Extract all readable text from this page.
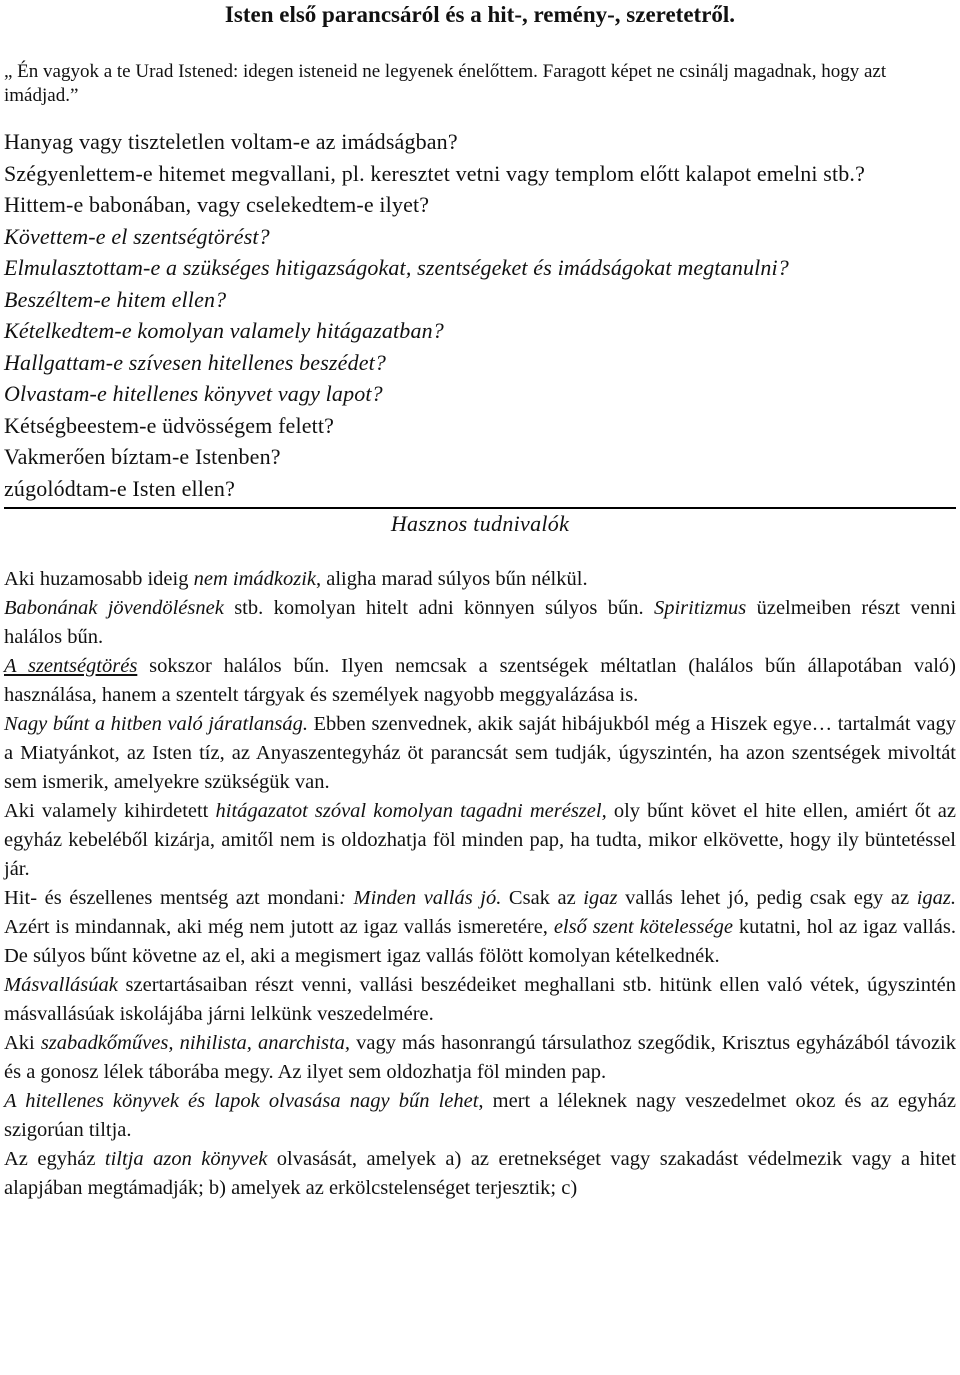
Isten első parancsáról és a hit-, remény-, szeretetről.

„ Én vagyok a te Urad Istened: idegen isteneid ne legyenek énelőttem. Faragott képet ne csinálj magadnak, hogy azt imádjad.”

Hanyag vagy tiszteletlen voltam-e az imádságban?

Szégyenlettem-e hitemet megvallani, pl. keresztet vetni vagy templom előtt kalapot emelni stb.?

Hittem-e babonában, vagy cselekedtem-e ilyet?

Követtem-e el szentségtörést?

Elmulasztottam-e a szükséges hitigazságokat, szentségeket és imádságokat megtanulni?

Beszéltem-e hitem ellen?

Kételkedtem-e komolyan valamely hitágazatban?

Hallgattam-e szívesen hitellenes beszédet?

Olvastam-e hitellenes könyvet vagy lapot?

Kétségbeestem-e üdvösségem felett?

Vakmerően bíztam-e Istenben?

zúgolódtam-e Isten ellen?

Hasznos tudnivalók

Aki huzamosabb ideig nem imádkozik, aligha marad súlyos bűn nélkül.

Babonának jövendölésnek stb. komolyan hitelt adni könnyen súlyos bűn. Spiritizmus üzelmeiben részt venni halálos bűn.

A szentségtörés sokszor halálos bűn. Ilyen nemcsak a szentségek méltatlan (halálos bűn állapotában való) használása, hanem a szentelt tárgyak és személyek nagyobb meggyalázása is.

Nagy bűnt a hitben való járatlanság. Ebben szenvednek, akik saját hibájukból még a Hiszek egye… tartalmát vagy a Miatyánkot, az Isten tíz, az Anyaszentegyház öt parancsát sem tudják, úgyszintén, ha azon szentségek mivoltát sem ismerik, amelyekre szükségük van.

Aki valamely kihirdetett hitágazatot szóval komolyan tagadni merészel, oly bűnt követ el hite ellen, amiért őt az egyház kebeléből kizárja, amitől nem is oldozhatja föl minden pap, ha tudta, mikor elkövette, hogy ily büntetéssel jár.

Hit- és észellenes mentség azt mondani: Minden vallás jó. Csak az igaz vallás lehet jó, pedig csak egy az igaz. Azért is mindannak, aki még nem jutott az igaz vallás ismeretére, első szent kötelessége kutatni, hol az igaz vallás. De súlyos bűnt követne az el, aki a megismert igaz vallás fölött komolyan kételkednék.

Másvallásúak szertartásaiban részt venni, vallási beszédeiket meghallani stb. hitünk ellen való vétek, úgyszintén másvallásúak iskolájába járni lelkünk veszedelmére.

Aki szabadkőműves, nihilista, anarchista, vagy más hasonrangú társulathoz szegődik, Krisztus egyházából távozik és a gonosz lélek táborába megy. Az ilyet sem oldozhatja föl minden pap.

A hitellenes könyvek és lapok olvasása nagy bűn lehet, mert a léleknek nagy veszedelmet okoz és az egyház szigorúan tiltja.

Az egyház tiltja azon könyvek olvasását, amelyek a) az eretnekséget vagy szakadást védelmezik vagy a hitet alapjában megtámadják; b) amelyek az erkölcstelenséget terjesztik; c)
